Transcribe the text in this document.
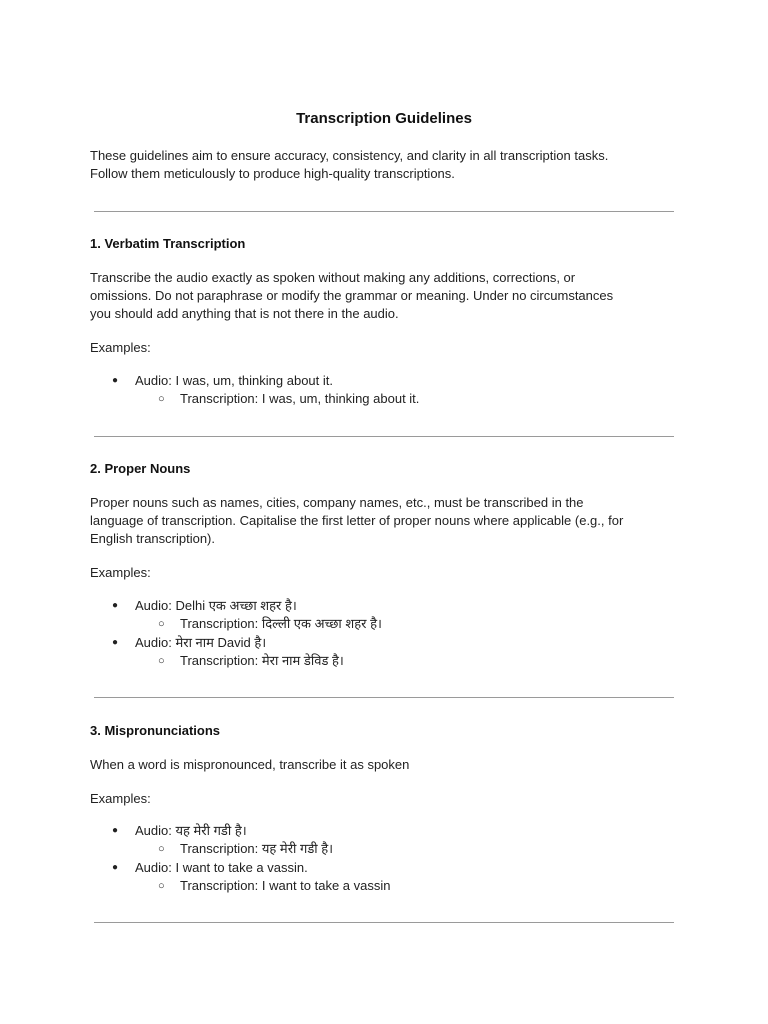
Transcription Guidelines
These guidelines aim to ensure accuracy, consistency, and clarity in all transcription tasks.
Follow them meticulously to produce high-quality transcriptions.
1. Verbatim Transcription
Transcribe the audio exactly as spoken without making any additions, corrections, or
omissions. Do not paraphrase or modify the grammar or meaning. Under no circumstances
you should add anything that is not there in the audio.
Examples:
● Audio: I was, um, thinking about it.
○ Transcription: I was, um, thinking about it.
2. Proper Nouns
Proper nouns such as names, cities, company names, etc., must be transcribed in the
language of transcription. Capitalise the first letter of proper nouns where applicable (e.g., for
English transcription).
Examples:
● Audio: Delhi एक अच्छा शहर है।
○ Transcription: दिल्ली एक अच्छा शहर है।
● Audio: मेरा नाम David है।
○ Transcription: मेरा नाम डेविड है।
3. Mispronunciations
When a word is mispronounced, transcribe it as spoken
Examples:
● Audio: यह मेरी गडी है।
○ Transcription: यह मेरी गडी है।
● Audio: I want to take a vassin.
○ Transcription: I want to take a vassin
